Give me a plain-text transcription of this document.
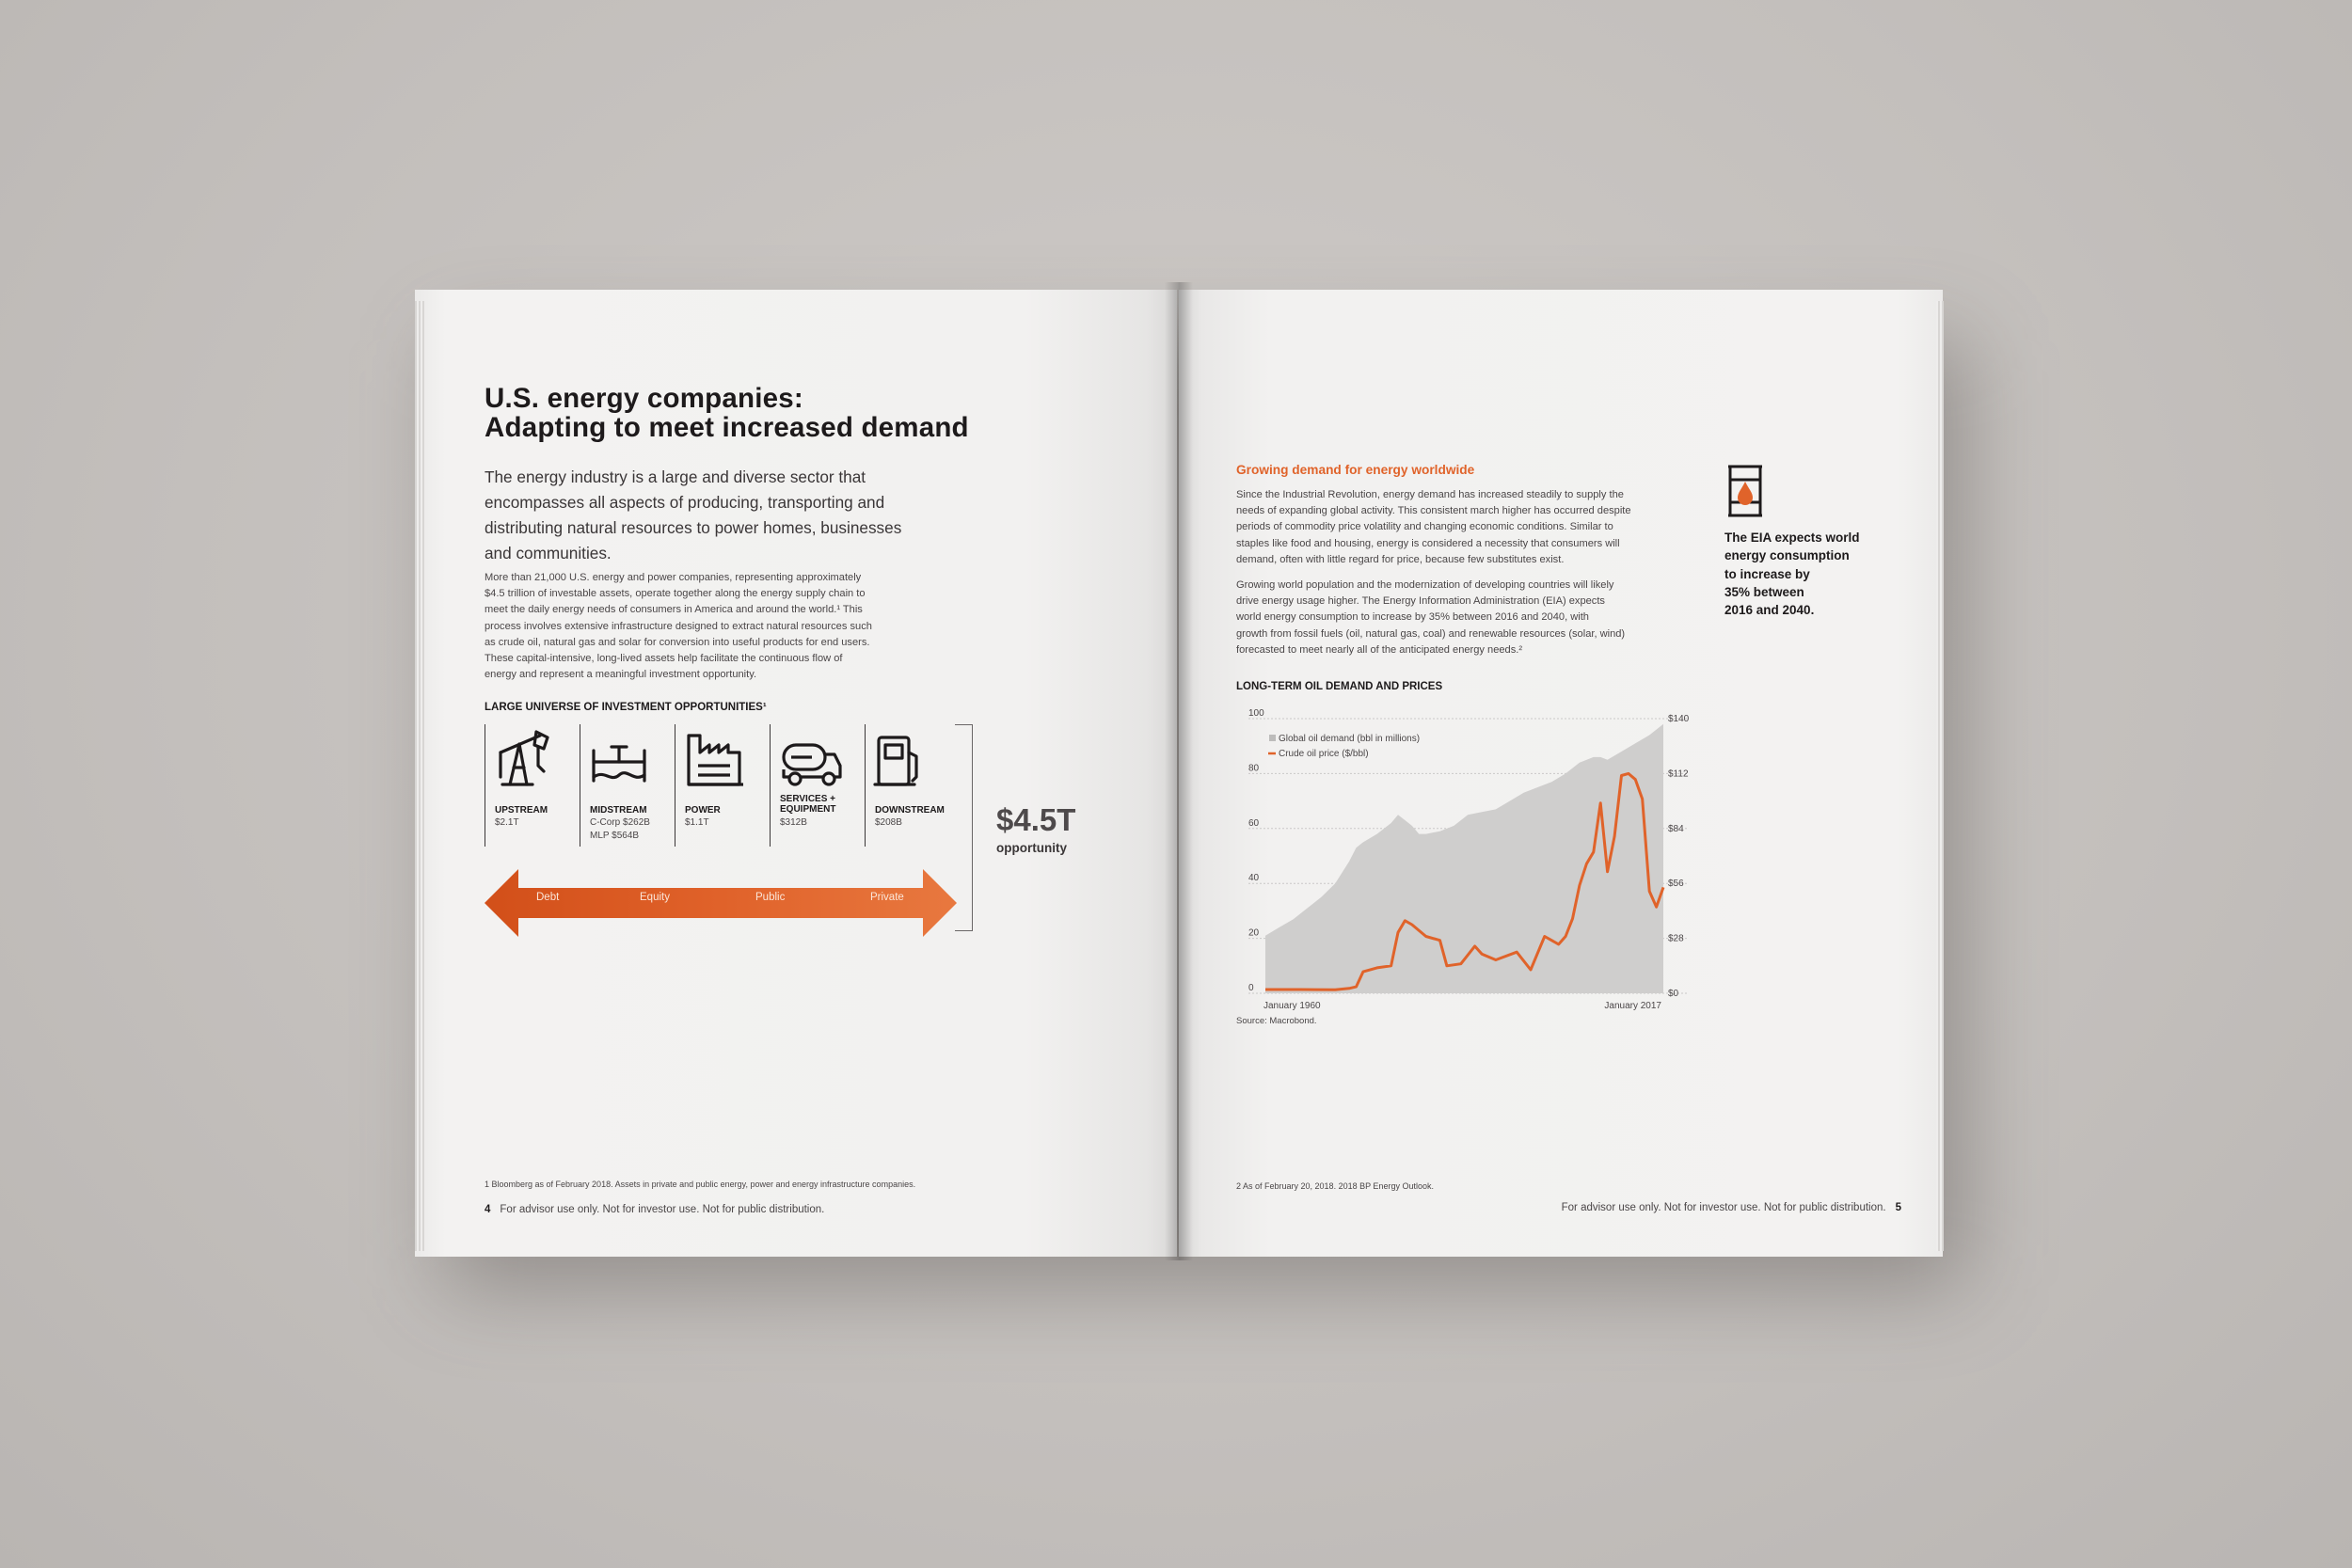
U.S. energy companies:
Adapting to meet increased demand
The energy industry is a large and diverse sector that
encompasses all aspects of producing, transporting and
distributing natural resources to power homes, businesses
and communities.
More than 21,000 U.S. energy and power companies, representing approximately
$4.5 trillion of investable assets, operate together along the energy supply chain to
meet the daily energy needs of consumers in America and around the world.¹ This
process involves extensive infrastructure designed to extract natural resources such
as crude oil, natural gas and solar for conversion into useful products for end users.
These capital-intensive, long-lived assets help facilitate the continuous flow of
energy and represent a meaningful investment opportunity.
LARGE UNIVERSE OF INVESTMENT OPPORTUNITIES¹
UPSTREAM
$2.1T
MIDSTREAM
C-Corp $262B
MLP $564B
POWER
$1.1T
SERVICES +
EQUIPMENT
$312B
DOWNSTREAM
$208B	$4.5T
opportunity
Debt	Equity	Public	Private
1 Bloomberg as of February 2018. Assets in private and public energy, power and energy infrastructure companies.
4 For advisor use only. Not for investor use. Not for public distribution.
Growing demand for energy worldwide
Since the Industrial Revolution, energy demand has increased steadily to supply the
needs of expanding global activity. This consistent march higher has occurred despite
periods of commodity price volatility and changing economic conditions. Similar to
staples like food and housing, energy is considered a necessity that consumers will
demand, often with little regard for price, because few substitutes exist.
Growing world population and the modernization of developing countries will likely
drive energy usage higher. The Energy Information Administration (EIA) expects
world energy consumption to increase by 35% between 2016 and 2040, with
growth from fossil fuels (oil, natural gas, coal) and renewable resources (solar, wind)
forecasted to meet nearly all of the anticipated energy needs.²
The EIA expects world
energy consumption
to increase by
35% between
2016 and 2040.
LONG-TERM OIL DEMAND AND PRICES
0
20
40
60
80
100
$0
$28
$56
$84
$112
$140
Global oil demand (bbl in millions)
Crude oil price ($/bbl)
January 1960	January 2017
Source: Macrobond.
2 As of February 20, 2018. 2018 BP Energy Outlook.
For advisor use only. Not for investor use. Not for public distribution. 5
